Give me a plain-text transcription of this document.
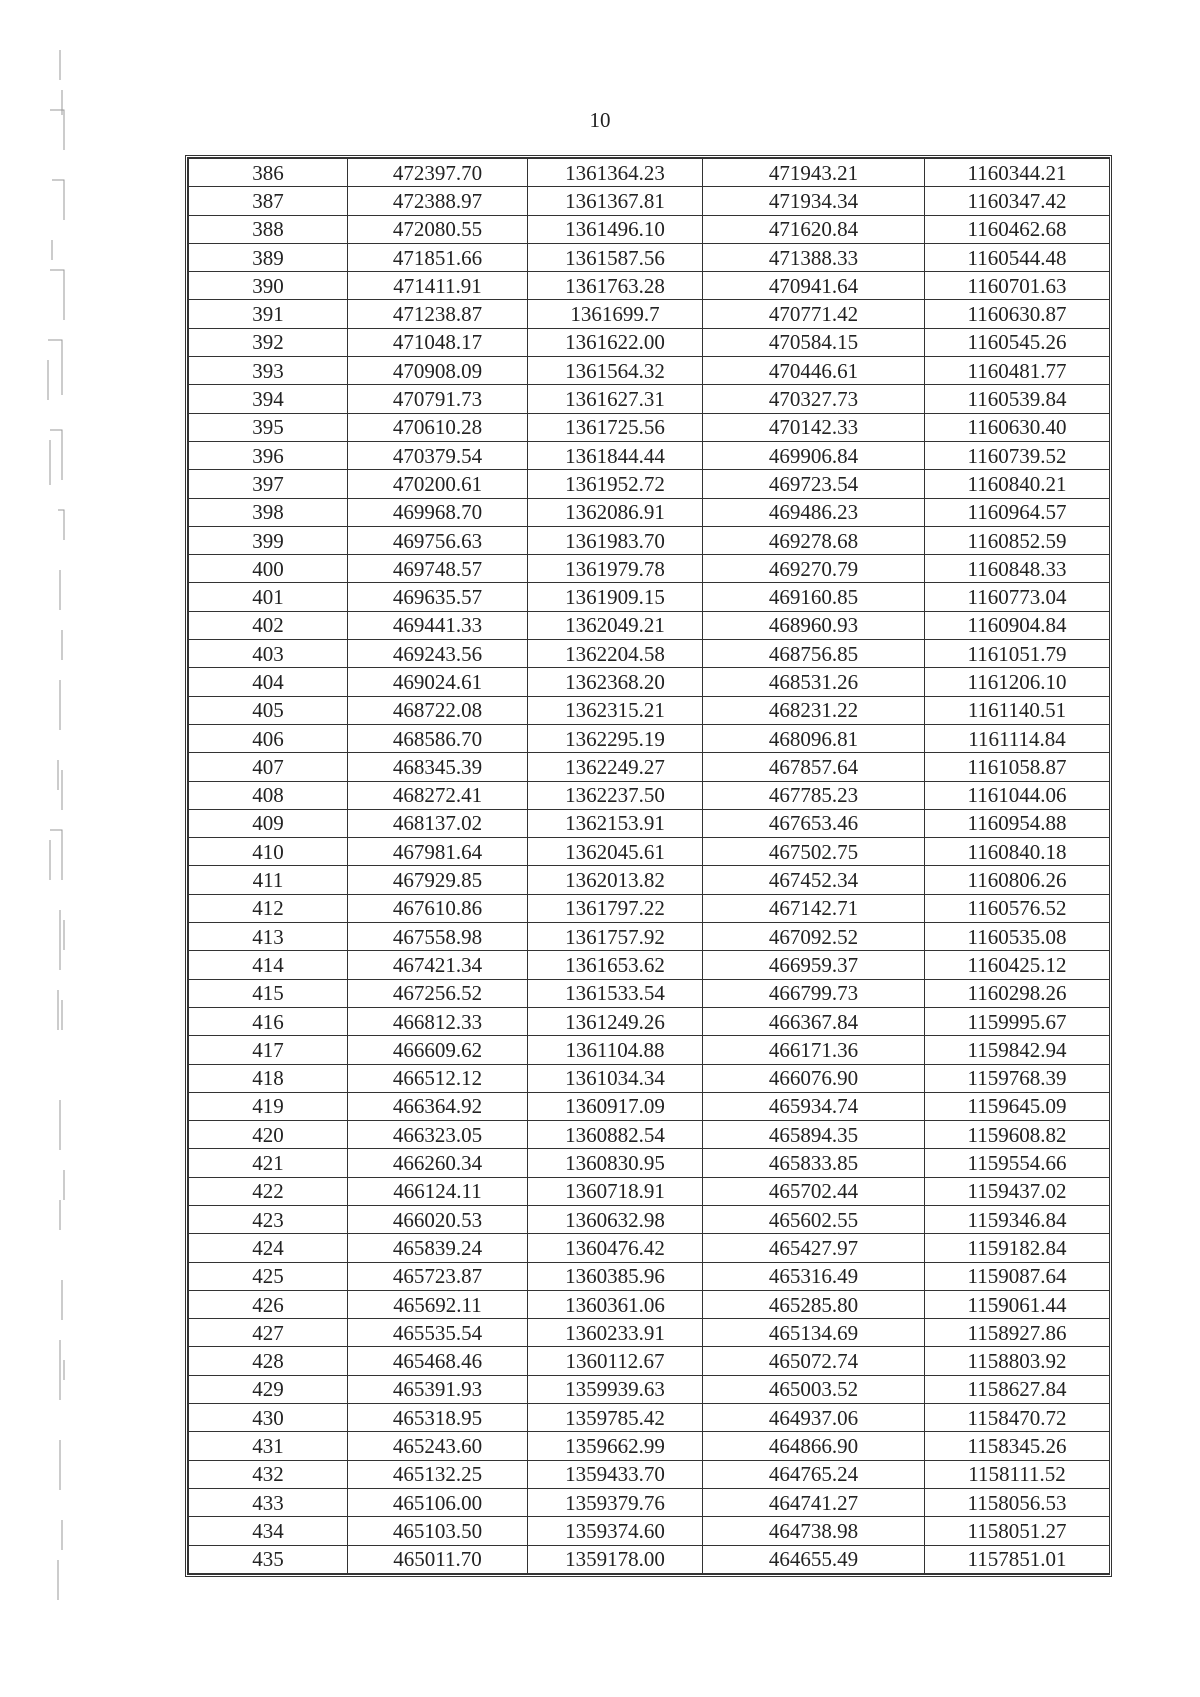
10
386	472397.70	1361364.23	471943.21	1160344.21
387	472388.97	1361367.81	471934.34	1160347.42
388	472080.55	1361496.10	471620.84	1160462.68
389	471851.66	1361587.56	471388.33	1160544.48
390	471411.91	1361763.28	470941.64	1160701.63
391	471238.87	1361699.7	470771.42	1160630.87
392	471048.17	1361622.00	470584.15	1160545.26
393	470908.09	1361564.32	470446.61	1160481.77
394	470791.73	1361627.31	470327.73	1160539.84
395	470610.28	1361725.56	470142.33	1160630.40
396	470379.54	1361844.44	469906.84	1160739.52
397	470200.61	1361952.72	469723.54	1160840.21
398	469968.70	1362086.91	469486.23	1160964.57
399	469756.63	1361983.70	469278.68	1160852.59
400	469748.57	1361979.78	469270.79	1160848.33
401	469635.57	1361909.15	469160.85	1160773.04
402	469441.33	1362049.21	468960.93	1160904.84
403	469243.56	1362204.58	468756.85	1161051.79
404	469024.61	1362368.20	468531.26	1161206.10
405	468722.08	1362315.21	468231.22	1161140.51
406	468586.70	1362295.19	468096.81	1161114.84
407	468345.39	1362249.27	467857.64	1161058.87
408	468272.41	1362237.50	467785.23	1161044.06
409	468137.02	1362153.91	467653.46	1160954.88
410	467981.64	1362045.61	467502.75	1160840.18
411	467929.85	1362013.82	467452.34	1160806.26
412	467610.86	1361797.22	467142.71	1160576.52
413	467558.98	1361757.92	467092.52	1160535.08
414	467421.34	1361653.62	466959.37	1160425.12
415	467256.52	1361533.54	466799.73	1160298.26
416	466812.33	1361249.26	466367.84	1159995.67
417	466609.62	1361104.88	466171.36	1159842.94
418	466512.12	1361034.34	466076.90	1159768.39
419	466364.92	1360917.09	465934.74	1159645.09
420	466323.05	1360882.54	465894.35	1159608.82
421	466260.34	1360830.95	465833.85	1159554.66
422	466124.11	1360718.91	465702.44	1159437.02
423	466020.53	1360632.98	465602.55	1159346.84
424	465839.24	1360476.42	465427.97	1159182.84
425	465723.87	1360385.96	465316.49	1159087.64
426	465692.11	1360361.06	465285.80	1159061.44
427	465535.54	1360233.91	465134.69	1158927.86
428	465468.46	1360112.67	465072.74	1158803.92
429	465391.93	1359939.63	465003.52	1158627.84
430	465318.95	1359785.42	464937.06	1158470.72
431	465243.60	1359662.99	464866.90	1158345.26
432	465132.25	1359433.70	464765.24	1158111.52
433	465106.00	1359379.76	464741.27	1158056.53
434	465103.50	1359374.60	464738.98	1158051.27
435	465011.70	1359178.00	464655.49	1157851.01
